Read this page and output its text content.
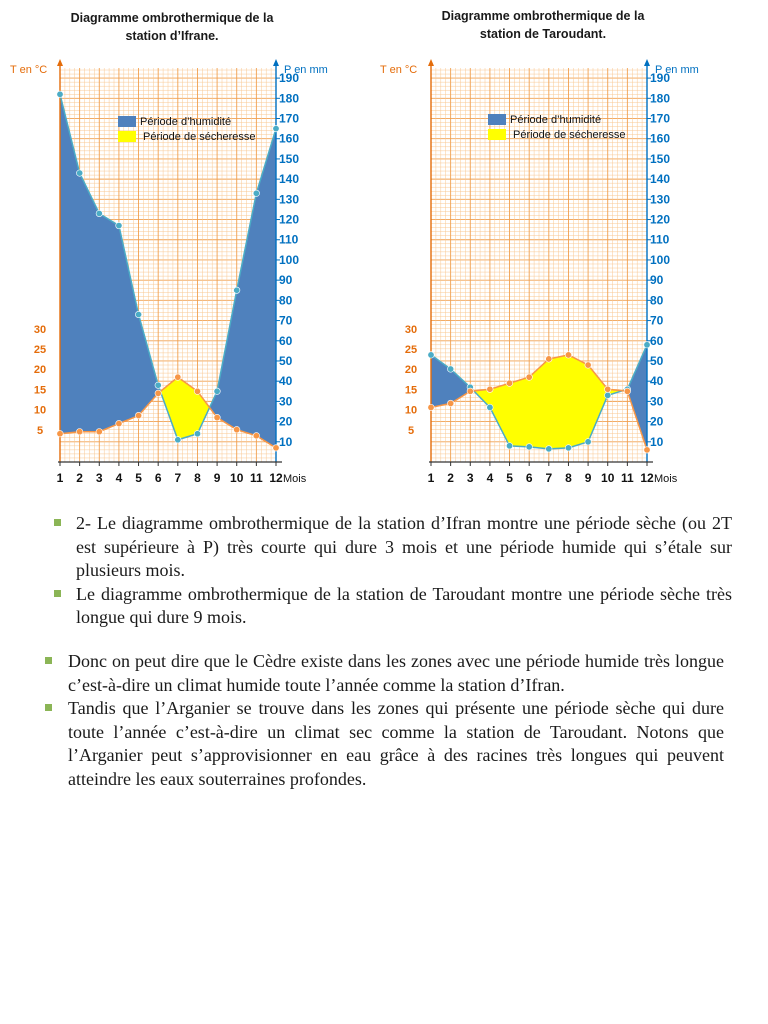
Diagramme ombrothermique de la
station d’Ifrane.
T en °C	P en mm
Mois
5
10
15
20
25
30
10
20
30
40
50
60
70
80
90
100
110
120
130
140
150
160
170
180
190
1 2 3 4 5 6 7 8 9 10 11 12
Période d’humidité
Période de sécheresse
Diagramme ombrothermique de la
station de Taroudant.
T en °C	P en mm
Mois
5
10
15
20
25
30
10
20
30
40
50
60
70
80
90
100
110
120
130
140
150
160
170
180
190
1 2 3 4 5 6 7 8 9 10 11 12
Période d’humidité
Période de sécheresse
2- Le diagramme ombrothermique de la station d’Ifran montre une période sèche (ou 2T est supérieure à P) très courte qui dure 3 mois et une période humide qui s’étale sur plusieurs mois.
Le diagramme ombrothermique de la station de Taroudant montre une période sèche très longue qui dure 9 mois.
Donc on peut dire que le Cèdre existe dans les zones avec une période humide très longue c’est-à-dire un climat humide toute l’année comme la station d’Ifran.
Tandis que l’Arganier se trouve dans les zones qui présente une période sèche qui dure toute l’année c’est-à-dire un climat sec comme la station de Taroudant. Notons que l’Arganier peut s’approvisionner en eau grâce à des racines très longues qui peuvent atteindre les eaux souterraines profondes.
